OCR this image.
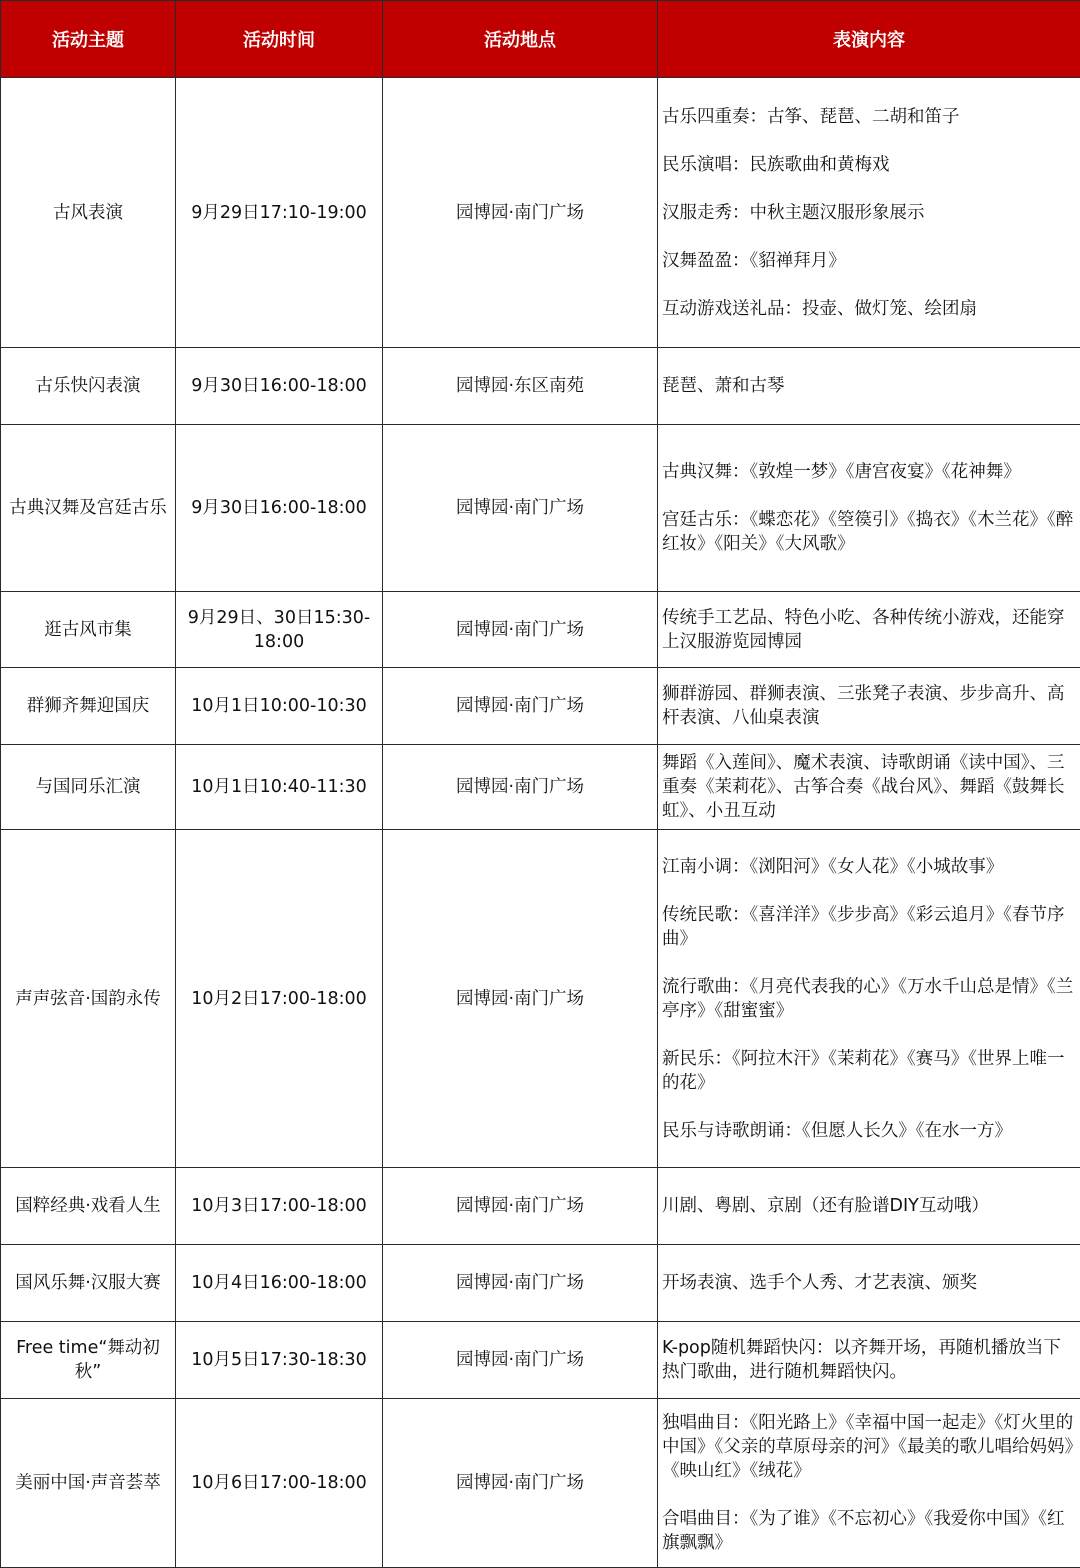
活动主题	活动时间	活动地点	表演内容
古风表演	9月29日17:10-19:00	园博园·南门广场	古乐四重奏：古筝、琵琶、二胡和笛子
民乐演唱：民族歌曲和黄梅戏
汉服走秀：中秋主题汉服形象展示
汉舞盈盈：《貂禅拜月》
互动游戏送礼品：投壶、做灯笼、绘团扇

古乐快闪表演	9月30日16:00-18:00	园博园·东区南苑	琵琶、萧和古琴

古典汉舞及宫廷古乐	9月30日16:00-18:00	园博园·南门广场	古典汉舞：《敦煌一梦》《唐宫夜宴》《花神舞》
宫廷古乐：《蝶恋花》《箜篌引》《捣衣》《木兰花》《醉红妆》《阳关》《大风歌》

逛古风市集	9月29日、30日15:30-18:00	园博园·南门广场	传统手工艺品、特色小吃、各种传统小游戏，还能穿上汉服游览园博园

群狮齐舞迎国庆	10月1日10:00-10:30	园博园·南门广场	狮群游园、群狮表演、三张凳子表演、步步高升、高杆表演、八仙桌表演

与国同乐汇演	10月1日10:40-11:30	园博园·南门广场	舞蹈《入莲间》、魔术表演、诗歌朗诵《读中国》、三重奏《茉莉花》、古筝合奏《战台风》、舞蹈《鼓舞长虹》、小丑互动

声声弦音·国韵永传	10月2日17:00-18:00	园博园·南门广场	江南小调：《浏阳河》《女人花》《小城故事》
传统民歌：《喜洋洋》《步步高》《彩云追月》《春节序曲》
流行歌曲：《月亮代表我的心》《万水千山总是情》《兰亭序》《甜蜜蜜》
新民乐：《阿拉木汗》《茉莉花》《赛马》《世界上唯一的花》
民乐与诗歌朗诵：《但愿人长久》《在水一方》

国粹经典·戏看人生	10月3日17:00-18:00	园博园·南门广场	川剧、粤剧、京剧（还有脸谱DIY互动哦）

国风乐舞·汉服大赛	10月4日16:00-18:00	园博园·南门广场	开场表演、选手个人秀、才艺表演、颁奖

Free time“舞动初秋”	10月5日17:30-18:30	园博园·南门广场	K-pop随机舞蹈快闪：以齐舞开场，再随机播放当下热门歌曲，进行随机舞蹈快闪。

美丽中国·声音荟萃	10月6日17:00-18:00	园博园·南门广场	独唱曲目：《阳光路上》《幸福中国一起走》《灯火里的中国》《父亲的草原母亲的河》《最美的歌儿唱给妈妈》《映山红》《绒花》
合唱曲目：《为了谁》《不忘初心》《我爱你中国》《红旗飘飘》
